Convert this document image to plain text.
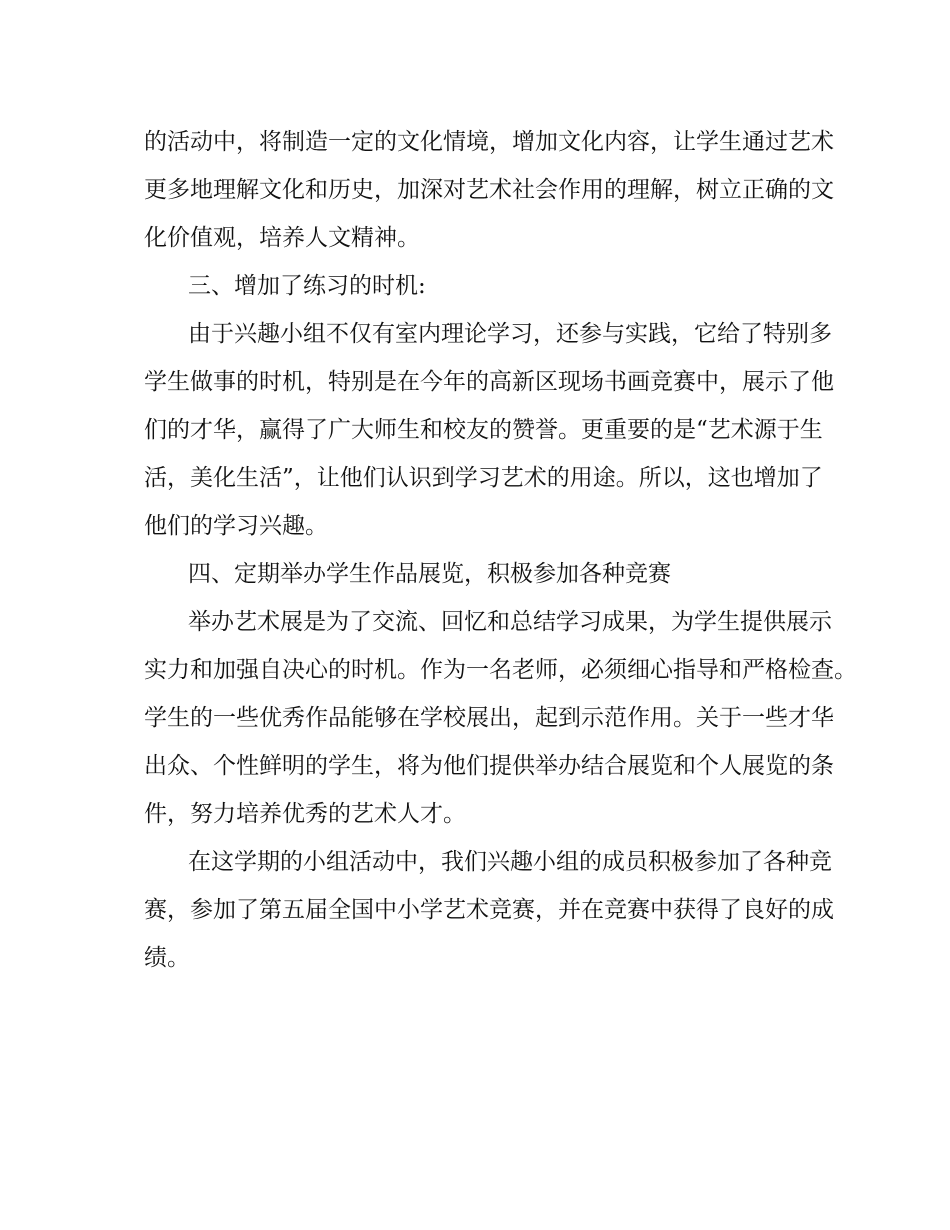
的活动中，将制造一定的文化情境，增加文化内容，让学生通过艺术
更多地理解文化和历史，加深对艺术社会作用的理解，树立正确的文
化价值观，培养人文精神。
三、增加了练习的时机:
由于兴趣小组不仅有室内理论学习，还参与实践，它给了特别多
学生做事的时机，特别是在今年的高新区现场书画竞赛中，展示了他
们的才华，赢得了广大师生和校友的赞誉。更重要的是“艺术源于生
活，美化生活”，让他们认识到学习艺术的用途。所以，这也增加了
他们的学习兴趣。
四、定期举办学生作品展览，积极参加各种竞赛
举办艺术展是为了交流、回忆和总结学习成果，为学生提供展示
实力和加强自决心的时机。作为一名老师，必须细心指导和严格检查。
学生的一些优秀作品能够在学校展出，起到示范作用。关于一些才华
出众、个性鲜明的学生，将为他们提供举办结合展览和个人展览的条
件，努力培养优秀的艺术人才。
在这学期的小组活动中，我们兴趣小组的成员积极参加了各种竞
赛，参加了第五届全国中小学艺术竞赛，并在竞赛中获得了良好的成
绩。
